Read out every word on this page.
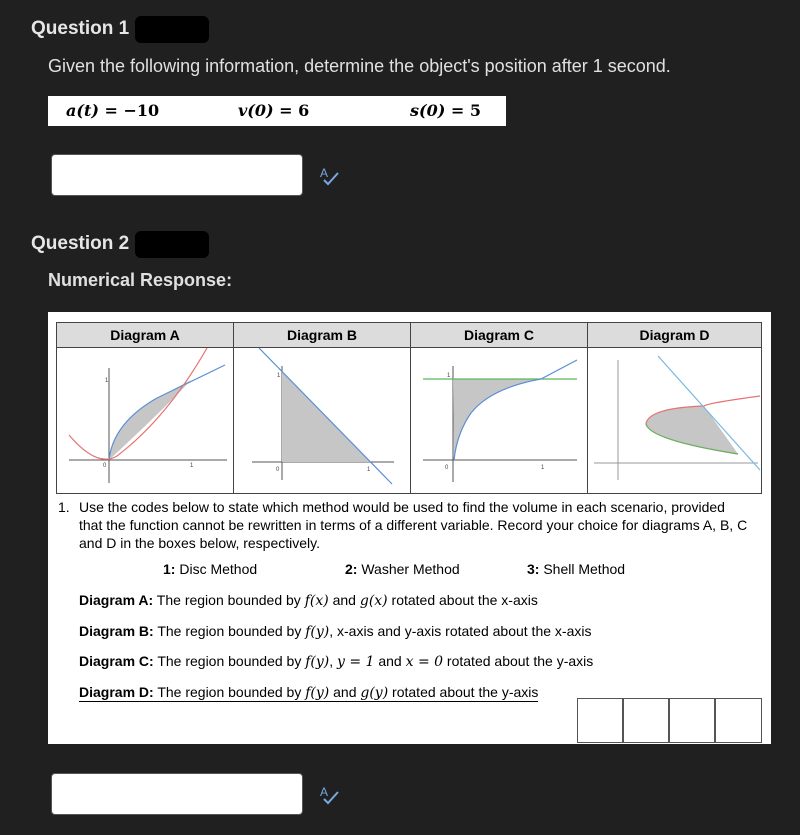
Question 1
Given the following information, determine the object's position after 1 second.
a(t) = −10	v(0) = 6	s(0) = 5
A
Question 2
Numerical Response:
Diagram A	Diagram B	Diagram C	Diagram D
0	1
1
0	1
1
0	1
1
1. Use the codes below to state which method would be used to find the volume in each scenario, provided that the function cannot be rewritten in terms of a different variable. Record your choice for diagrams A, B, C and D in the boxes below, respectively.
1: Disc Method	2: Washer Method	3: Shell Method
Diagram A: The region bounded by f(x) and g(x) rotated about the x-axis
Diagram B: The region bounded by f(y), x-axis and y-axis rotated about the x-axis
Diagram C: The region bounded by f(y), y = 1 and x = 0 rotated about the y-axis
Diagram D: The region bounded by f(y) and g(y) rotated about the y-axis
A
